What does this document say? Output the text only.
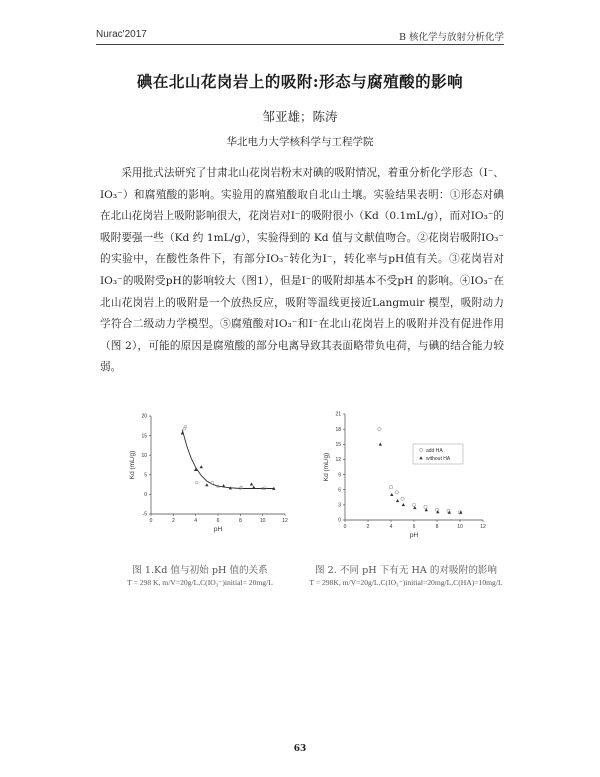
Nurac'2017	B 核化学与放射分析化学
碘在北山花岗岩上的吸附:形态与腐殖酸的影响
邹亚雄；陈涛
华北电力大学核科学与工程学院

采用批式法研究了甘肃北山花岗岩粉末对碘的吸附情况，着重分析化学形态（I⁻、IO₃⁻）和腐殖酸的影响。实验用的腐殖酸取自北山土壤。实验结果表明：①形态对碘在北山花岗岩上吸附影响很大，花岗岩对I⁻的吸附很小（Kd（0.1mL/g），而对IO₃⁻的吸附要强一些（Kd 约 1mL/g），实验得到的 Kd 值与文献值吻合。②花岗岩吸附IO₃⁻的实验中，在酸性条件下，有部分IO₃⁻转化为I⁻，转化率与pH值有关。③花岗岩对IO₃⁻的吸附受pH的影响较大（图1），但是I⁻的吸附却基本不受pH 的影响。④IO₃⁻在北山花岗岩上的吸附是一个放热反应，吸附等温线更接近Langmuir 模型，吸附动力学符合二级动力学模型。⑤腐殖酸对IO₃⁻和I⁻在北山花岗岩上的吸附并没有促进作用（图 2），可能的原因是腐殖酸的部分电离导致其表面略带负电荷，与碘的结合能力较弱。

0	2	4	6	8	10	12
-5
0
5
10
15
20
pH
Kd (mL/g)
0	2	4	6	8	10	12
0
3
6
9
12
15
18
21
pH
Kd (mL/g)
add HA
without HA
图 1.Kd 值与初始 pH 值的关系	图 2. 不同 pH 下有无 HA 的对吸附的影响
T = 298 K, m/V=20g/L,C(IO₃⁻)initial= 20mg/L	T = 298K, m/V=20g/L,C(IO₃⁻)initial=20mg/L,C(HA)=10mg/L
63
